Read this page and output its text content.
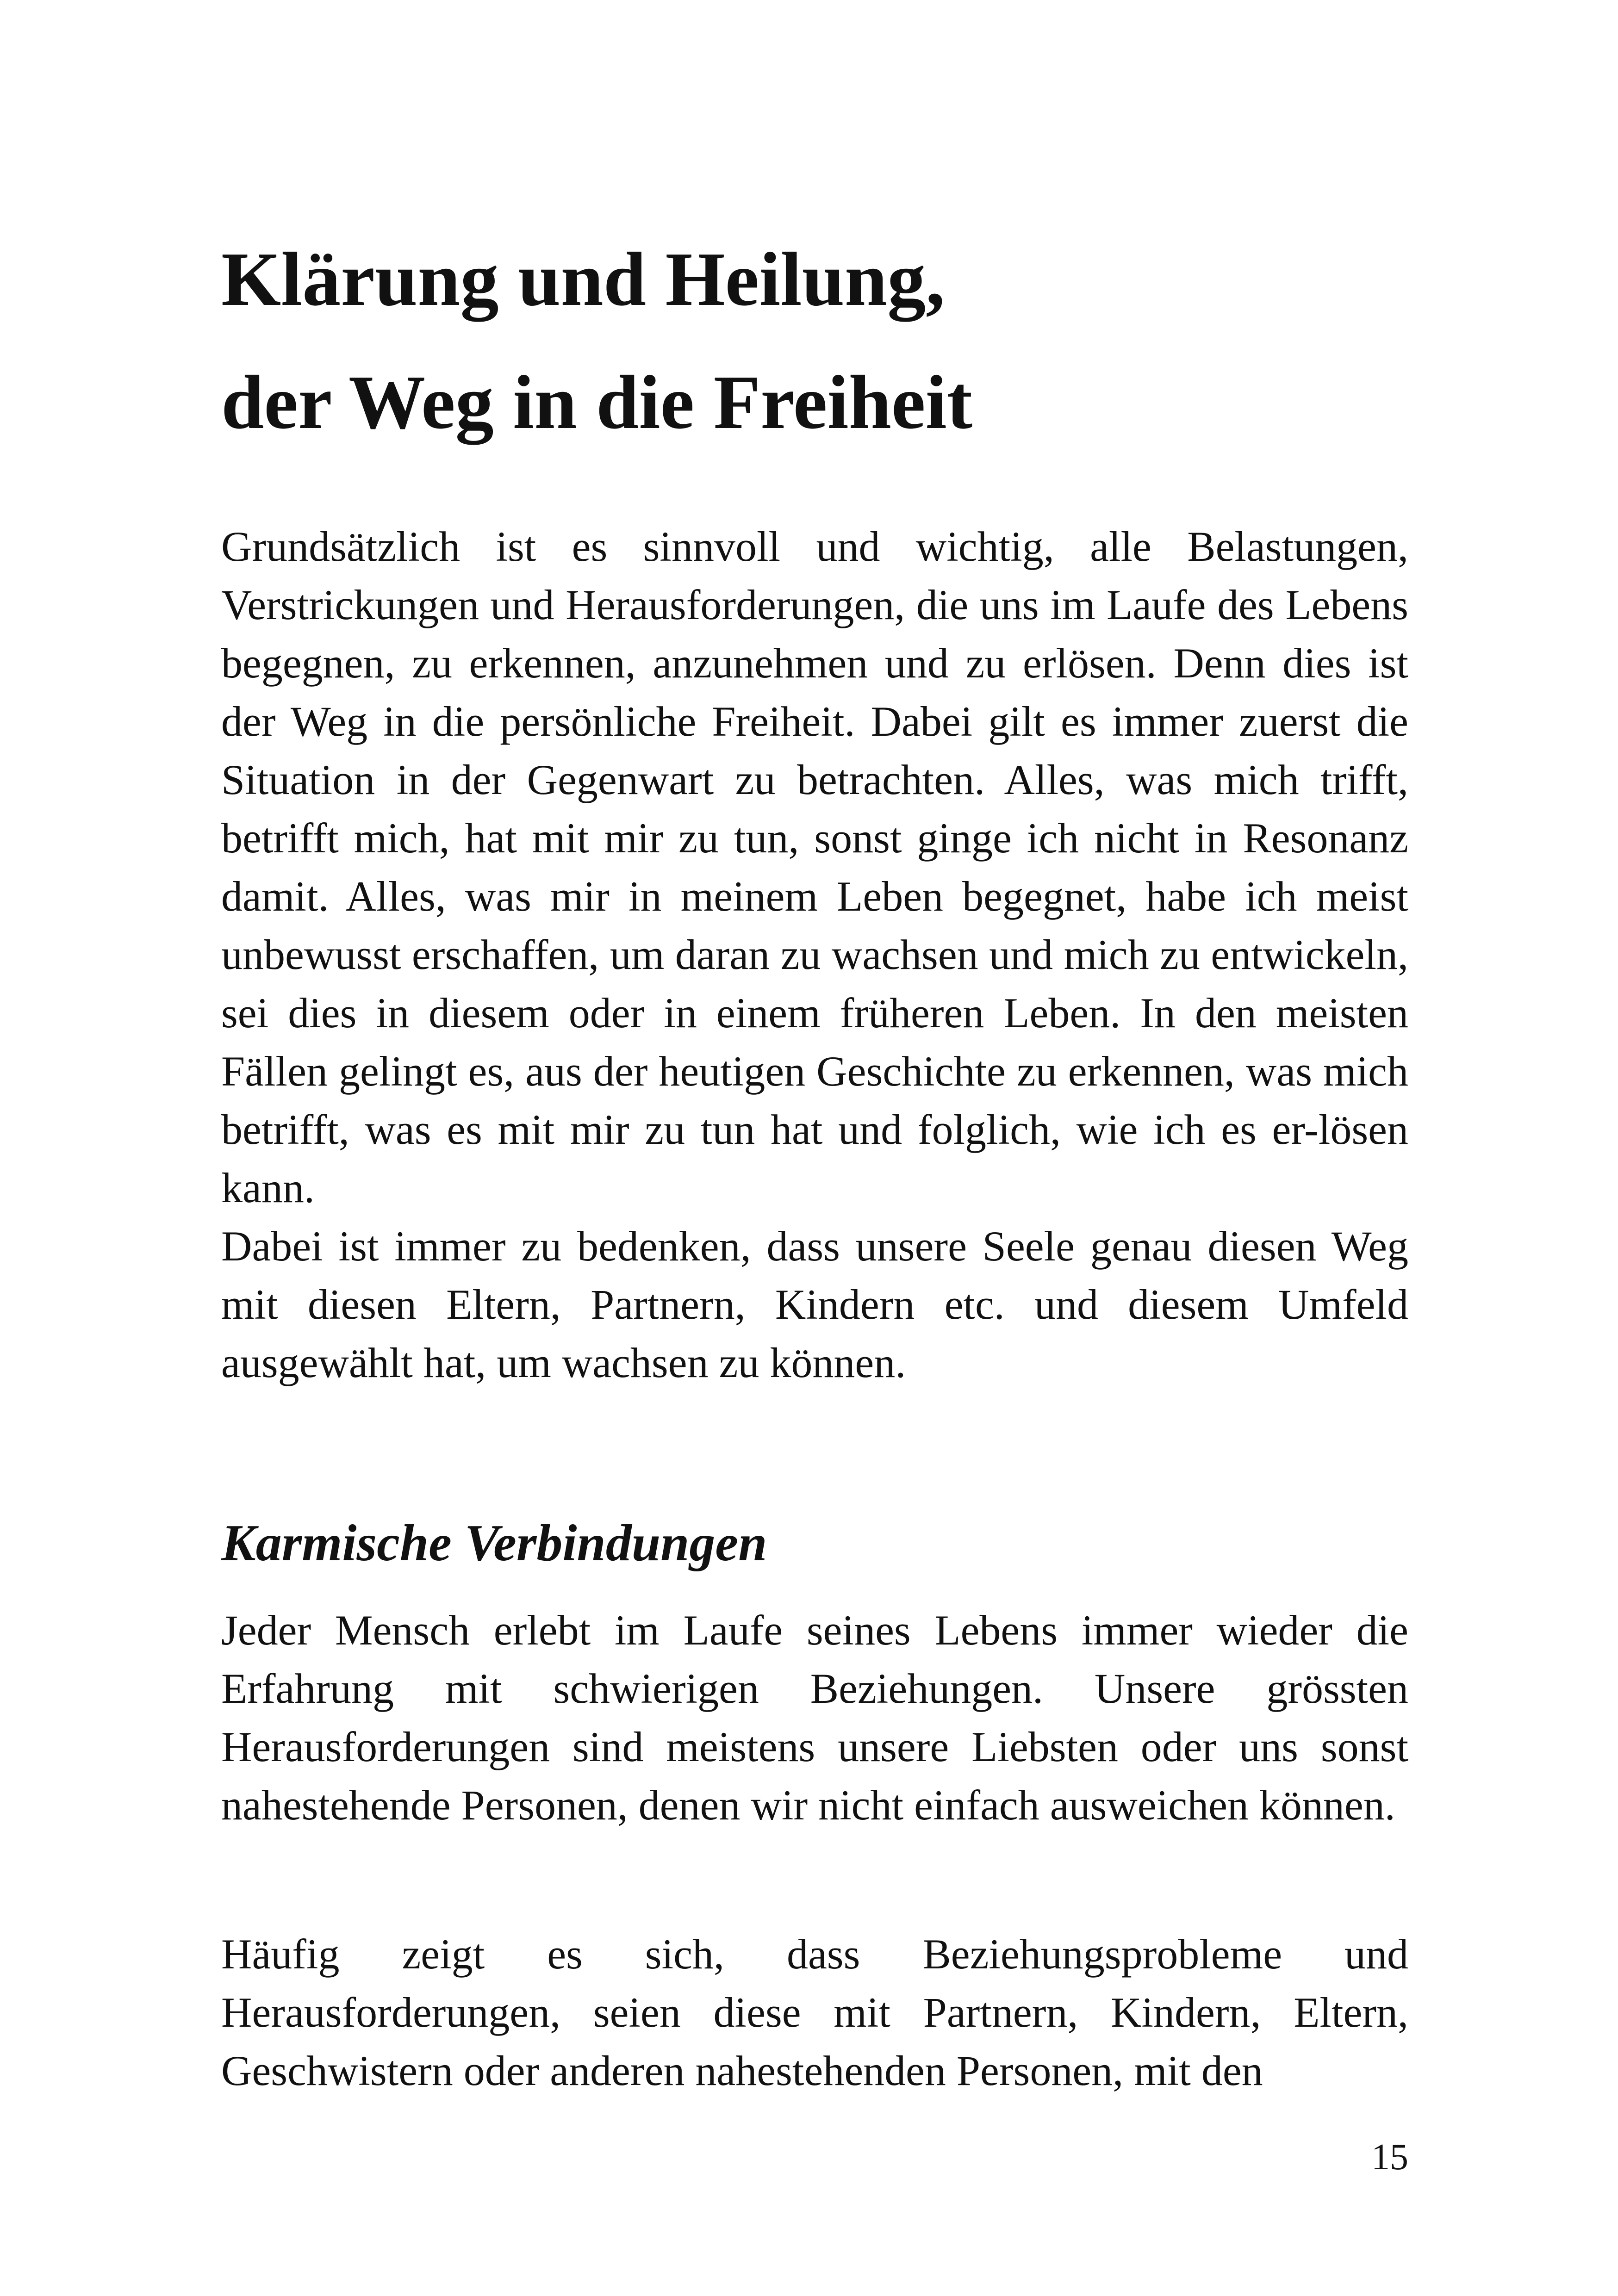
Klärung und Heilung,
der Weg in die Freiheit

Grundsätzlich ist es sinnvoll und wichtig, alle Belastungen, Verstrickungen und Herausforderungen, die uns im Laufe des Lebens begegnen, zu erkennen, anzunehmen und zu erlösen. Denn dies ist der Weg in die persönliche Freiheit. Dabei gilt es immer zuerst die Situation in der Gegenwart zu betrachten. Alles, was mich trifft, betrifft mich, hat mit mir zu tun, sonst ginge ich nicht in Resonanz damit. Alles, was mir in meinem Leben begegnet, habe ich meist unbewusst erschaffen, um daran zu wachsen und mich zu entwickeln, sei dies in diesem oder in einem früheren Leben. In den meisten Fällen gelingt es, aus der heutigen Geschichte zu erkennen, was mich betrifft, was es mit mir zu tun hat und folglich, wie ich es er-lösen kann.

Dabei ist immer zu bedenken, dass unsere Seele genau diesen Weg mit diesen Eltern, Partnern, Kindern etc. und diesem Umfeld ausgewählt hat, um wachsen zu können.

Karmische Verbindungen

Jeder Mensch erlebt im Laufe seines Lebens immer wieder die Erfahrung mit schwierigen Beziehungen. Unsere grössten Herausforderungen sind meistens unsere Liebsten oder uns sonst nahestehende Personen, denen wir nicht einfach ausweichen können.

Häufig zeigt es sich, dass Beziehungsprobleme und Herausforderungen, seien diese mit Partnern, Kindern, Eltern, Geschwistern oder anderen nahestehenden Personen, mit den

15
